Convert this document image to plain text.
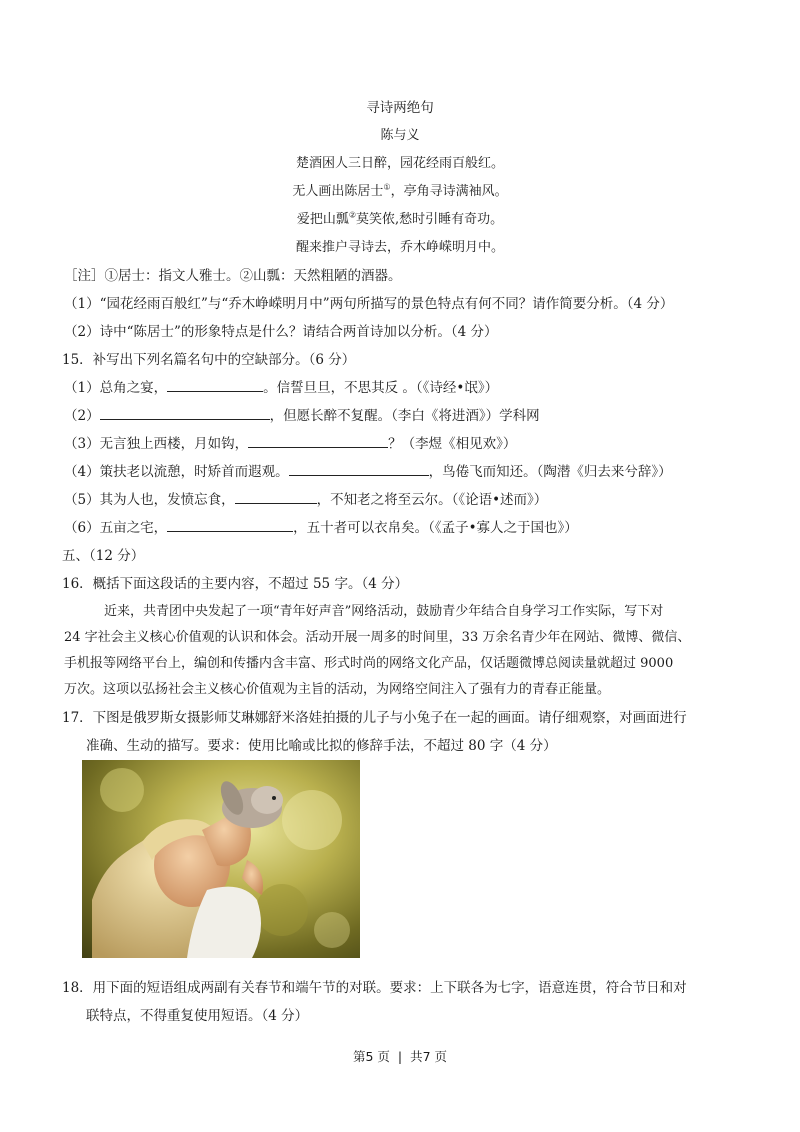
寻诗两绝句
陈与义
楚酒困人三日醉，园花经雨百般红。
无人画出陈居士①，亭角寻诗满袖风。
爱把山瓢②莫笑侬,愁时引睡有奇功。
醒来推户寻诗去，乔木峥嵘明月中。
［注］①居士：指文人雅士。②山瓢：天然粗陋的酒器。
（1）“园花经雨百般红”与“乔木峥嵘明月中”两句所描写的景色特点有何不同？请作简要分析。（4 分）
（2）诗中“陈居士”的形象特点是什么？请结合两首诗加以分析。（4 分）
15．补写出下列名篇名句中的空缺部分。（6 分）
（1）总角之宴，	。信誓旦旦，不思其反 。（《诗经•氓》）
（2）	，但愿长醉不复醒。（李白《将进酒》）学科网
（3）无言独上西楼，月如钩，	？（李煜《相见欢》）
（4）策扶老以流憩，时矫首而遐观。	，鸟倦飞而知还。（陶潜《归去来兮辞》）
（5）其为人也，发愤忘食，	，不知老之将至云尔。（《论语•述而》）
（6）五亩之宅，	，五十者可以衣帛矣。（《孟子•寡人之于国也》）
五、（12 分）
16．概括下面这段话的主要内容，不超过 55 字。（4 分）
近来，共青团中央发起了一项“青年好声音”网络活动，鼓励青少年结合自身学习工作实际，写下对
24 字社会主义核心价值观的认识和体会。活动开展一周多的时间里，33 万余名青少年在网站、微博、微信、
手机报等网络平台上，编创和传播内含丰富、形式时尚的网络文化产品，仅话题微博总阅读量就超过 9000
万次。这项以弘扬社会主义核心价值观为主旨的活动，为网络空间注入了强有力的青春正能量。
17．下图是俄罗斯女摄影师艾琳娜舒米洛娃拍摄的儿子与小兔子在一起的画面。请仔细观察，对画面进行
准确、生动的描写。要求：使用比喻或比拟的修辞手法，不超过 80 字（4 分）
18．用下面的短语组成两副有关春节和端午节的对联。要求：上下联各为七字，语意连贯，符合节日和对
联特点，不得重复使用短语。（4 分）
第5 页 | 共7 页
